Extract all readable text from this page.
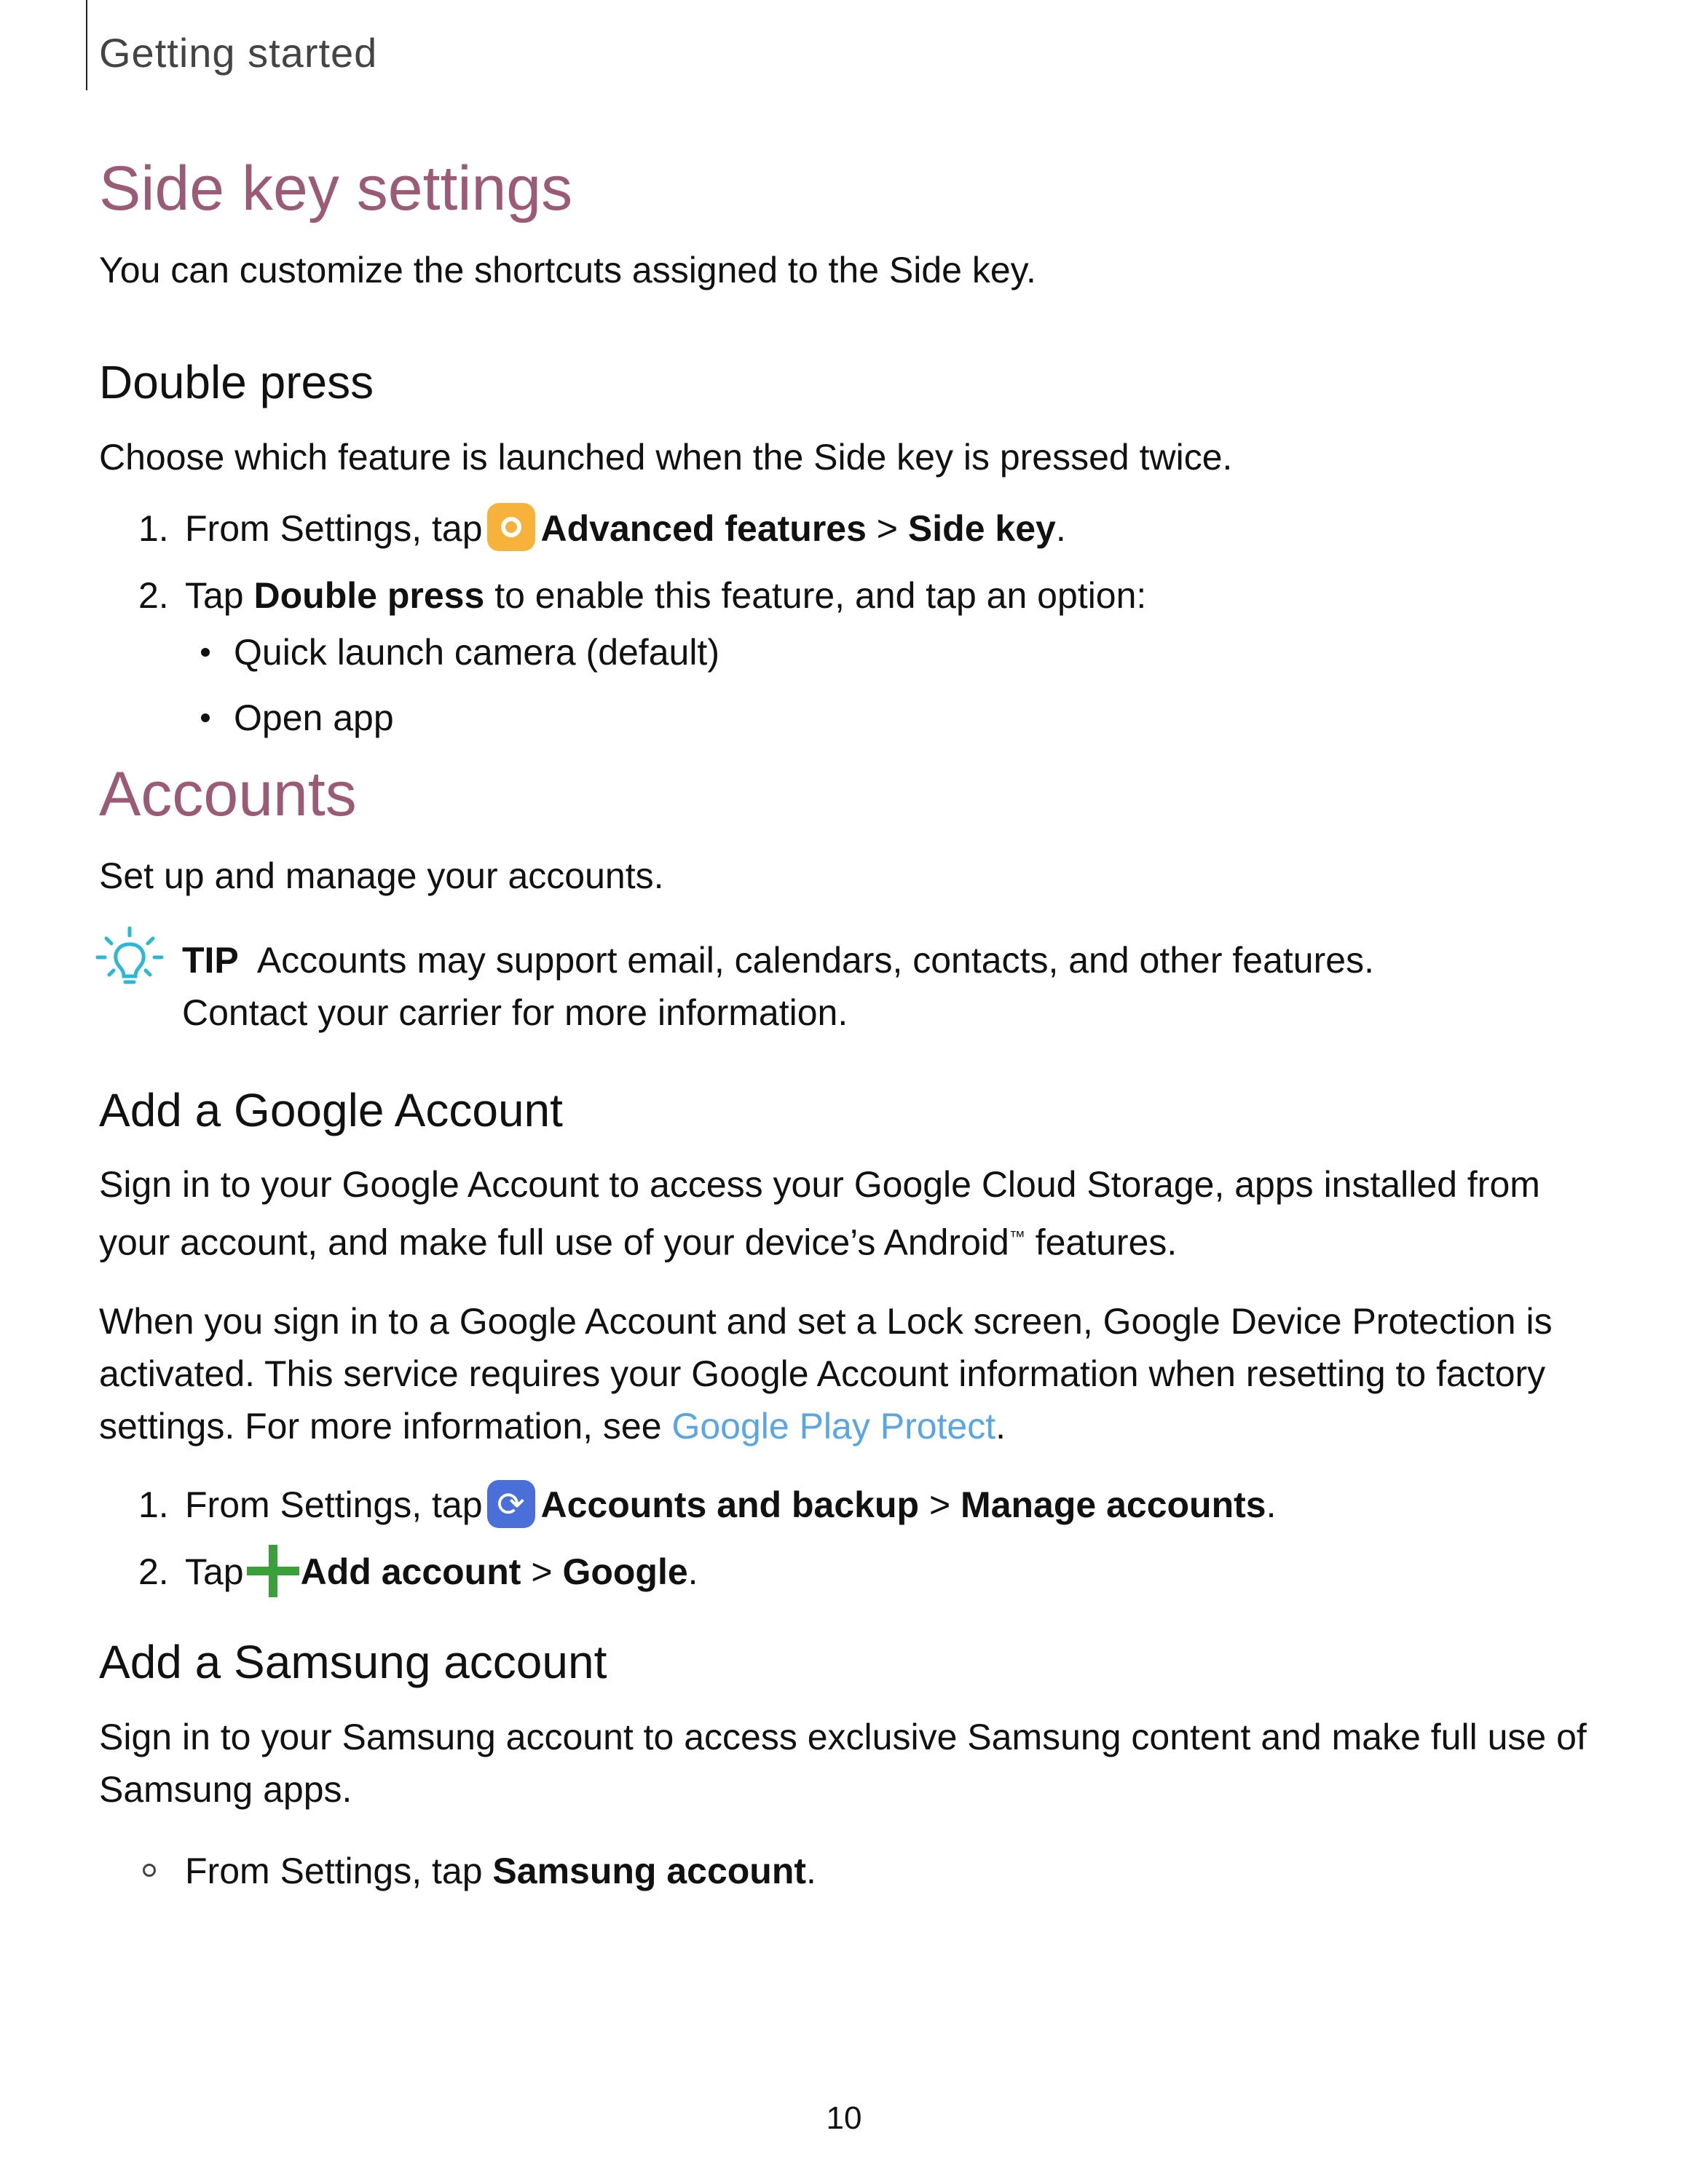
Getting started
Side key settings
You can customize the shortcuts assigned to the Side key.
Double press
Choose which feature is launched when the Side key is pressed twice.
1. From Settings, tap Advanced features > Side key.
2. Tap Double press to enable this feature, and tap an option:
Quick launch camera (default)
Open app
Accounts
Set up and manage your accounts.
TIP Accounts may support email, calendars, contacts, and other features.
Contact your carrier for more information.
Add a Google Account
Sign in to your Google Account to access your Google Cloud Storage, apps installed from your account, and make full use of your device’s Android™ features.
When you sign in to a Google Account and set a Lock screen, Google Device Protection is activated. This service requires your Google Account information when resetting to factory settings. For more information, see Google Play Protect.
1. From Settings, tap ⟳ Accounts and backup > Manage accounts.
2. Tap Add account > Google.
Add a Samsung account
Sign in to your Samsung account to access exclusive Samsung content and make full use of Samsung apps.
From Settings, tap Samsung account.
10
